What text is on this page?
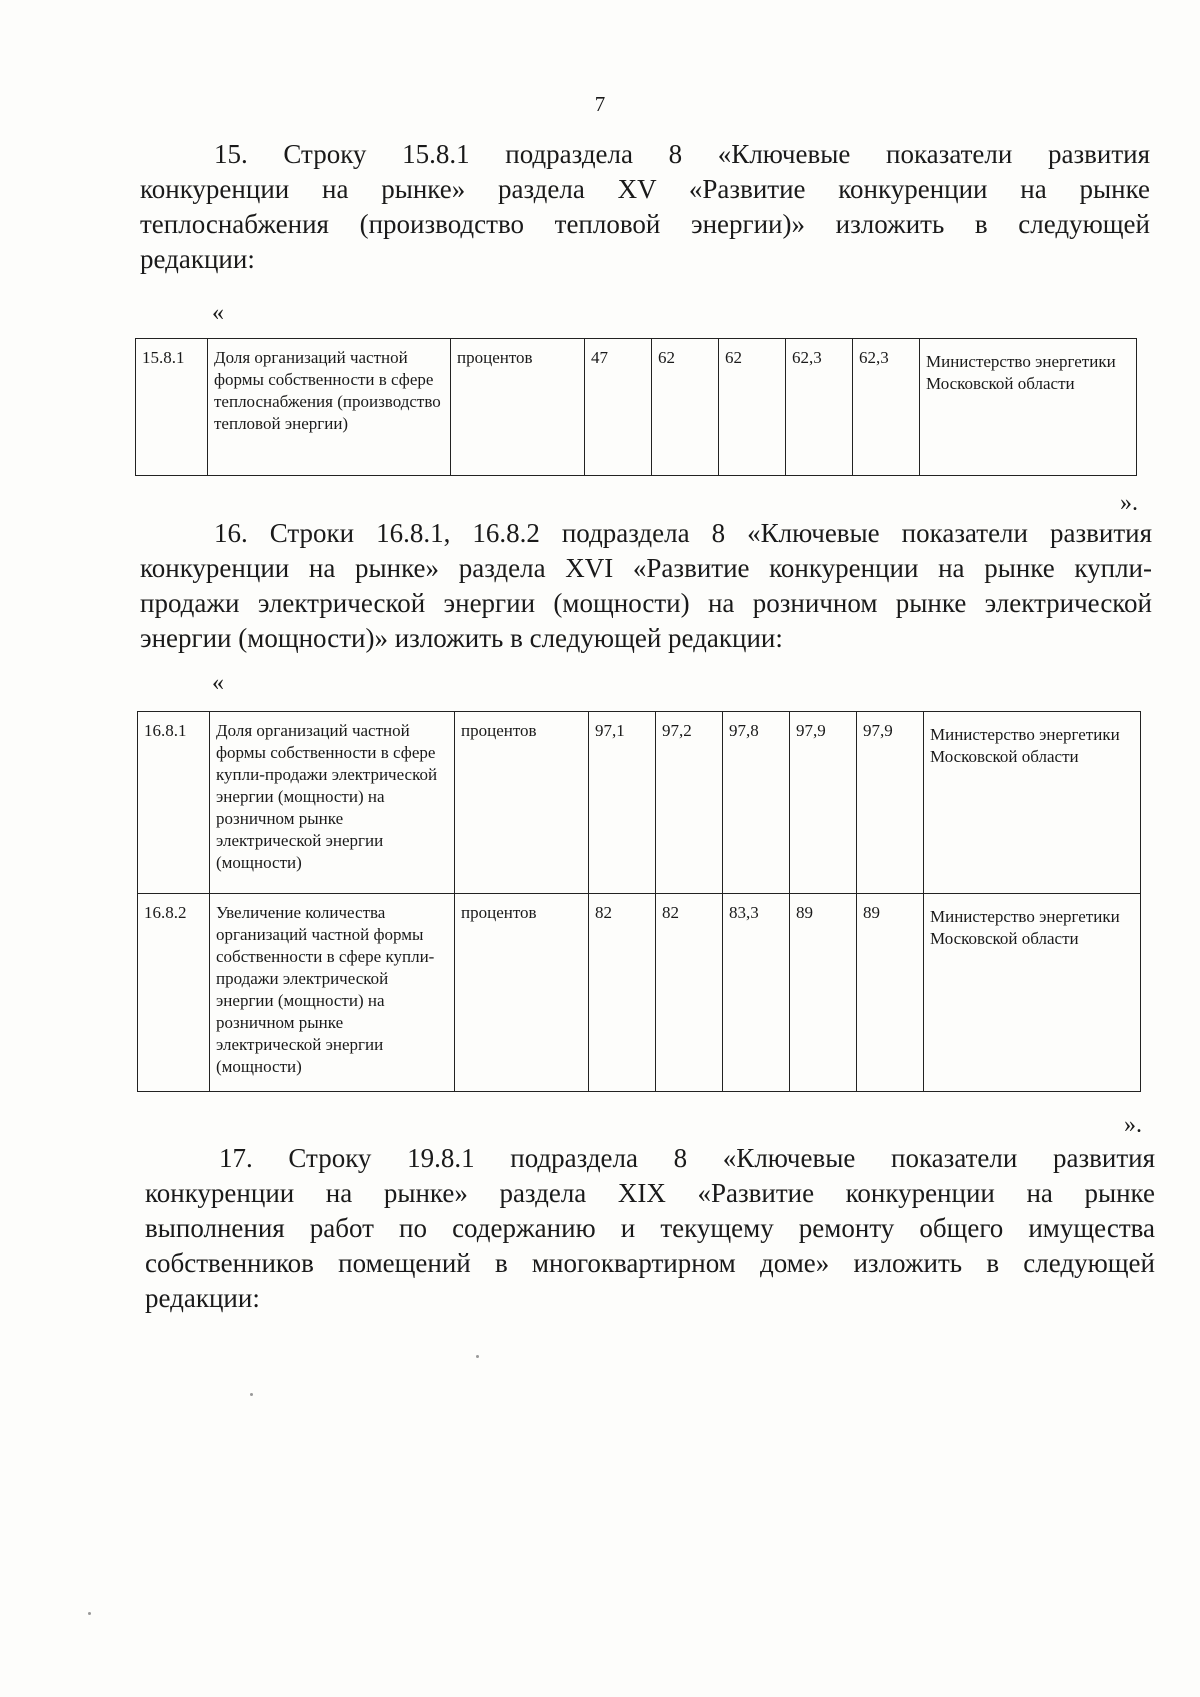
7
15. Строку 15.8.1 подраздела 8 «Ключевые показатели развития
конкуренции на рынке» раздела XV «Развитие конкуренции на рынке
теплоснабжения (производство тепловой энергии)» изложить в следующей
редакции:
«
15.8.1	Доля организаций частной формы собственности в сфере теплоснабжения (производство тепловой энергии)	процентов	47	62	62	62,3	62,3	Министерство энергетики Московской области
».
16. Строки 16.8.1, 16.8.2 подраздела 8 «Ключевые показатели развития
конкуренции на рынке» раздела XVI «Развитие конкуренции на рынке купли-
продажи электрической энергии (мощности) на розничном рынке электрической
энергии (мощности)» изложить в следующей редакции:
«
16.8.1	Доля организаций частной формы собственности в сфере купли-продажи электрической энергии (мощности) на розничном рынке электрической энергии (мощности)	процентов	97,1	97,2	97,8	97,9	97,9	Министерство энергетики Московской области
16.8.2	Увеличение количества организаций частной формы собственности в сфере купли-продажи электрической энергии (мощности) на розничном рынке электрической энергии (мощности)	процентов	82	82	83,3	89	89	Министерство энергетики Московской области
».
17. Строку 19.8.1 подраздела 8 «Ключевые показатели развития
конкуренции на рынке» раздела XIX «Развитие конкуренции на рынке
выполнения работ по содержанию и текущему ремонту общего имущества
собственников помещений в многоквартирном доме» изложить в следующей
редакции:
